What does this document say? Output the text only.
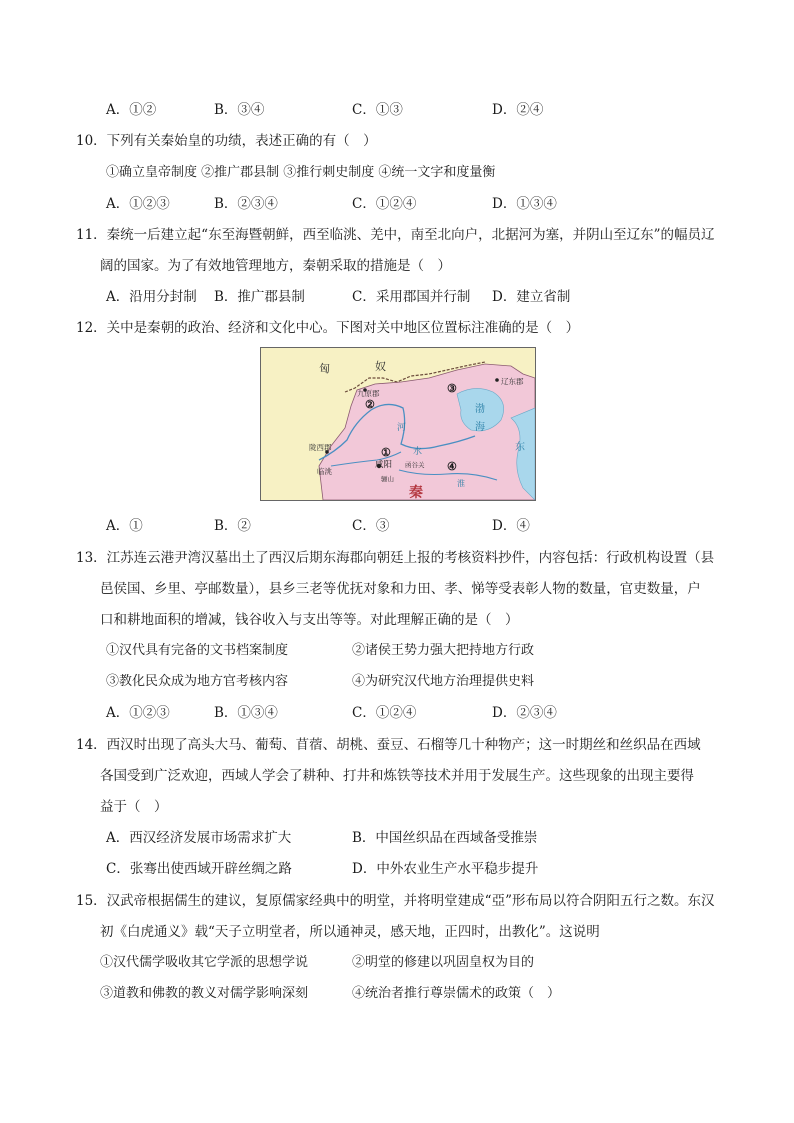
A．①②	B．③④	C．①③	D．②④
10．下列有关秦始皇的功绩，表述正确的有（　）
①确立皇帝制度 ②推广郡县制 ③推行刺史制度 ④统一文字和度量衡
A．①②③	B．②③④	C．①②④	D．①③④
11．秦统一后建立起“东至海暨朝鲜，西至临洮、羌中，南至北向户，北据河为塞，并阴山至辽东”的幅员辽
阔的国家。为了有效地管理地方，秦朝采取的措施是（　）
A．沿用分封制 B．推广郡县制	C．采用郡国并行制 D．建立省制
12．关中是秦朝的政治、经济和文化中心。下图对关中地区位置标注准确的是（　）
匈	奴
九原郡
辽东郡
渤
海
河
水
陇西郡
临洮
咸阳 函谷关
骊山
秦
东
淮
①
②
③
④
A．①	B．②	C．③	D．④
13．江苏连云港尹湾汉墓出土了西汉后期东海郡向朝廷上报的考核资料抄件，内容包括：行政机构设置（县
邑侯国、乡里、亭邮数量），县乡三老等优抚对象和力田、孝、悌等受表彰人物的数量，官吏数量，户
口和耕地面积的增减，钱谷收入与支出等等。对此理解正确的是（　）
①汉代具有完备的文书档案制度	②诸侯王势力强大把持地方行政
③教化民众成为地方官考核内容	④为研究汉代地方治理提供史料
A．①②③	B．①③④	C．①②④	D．②③④
14．西汉时出现了高头大马、葡萄、苜蓿、胡桃、蚕豆、石榴等几十种物产；这一时期丝和丝织品在西域
各国受到广泛欢迎，西域人学会了耕种、打井和炼铁等技术并用于发展生产。这些现象的出现主要得
益于（　）
A．西汉经济发展市场需求扩大	B．中国丝织品在西域备受推崇
C．张骞出使西域开辟丝绸之路	D．中外农业生产水平稳步提升
15．汉武帝根据儒生的建议，复原儒家经典中的明堂，并将明堂建成“亞”形布局以符合阴阳五行之数。东汉
初《白虎通义》载“天子立明堂者，所以通神灵，感天地，正四时，出教化”。这说明
①汉代儒学吸收其它学派的思想学说	②明堂的修建以巩固皇权为目的
③道教和佛教的教义对儒学影响深刻	④统治者推行尊崇儒术的政策（　）
